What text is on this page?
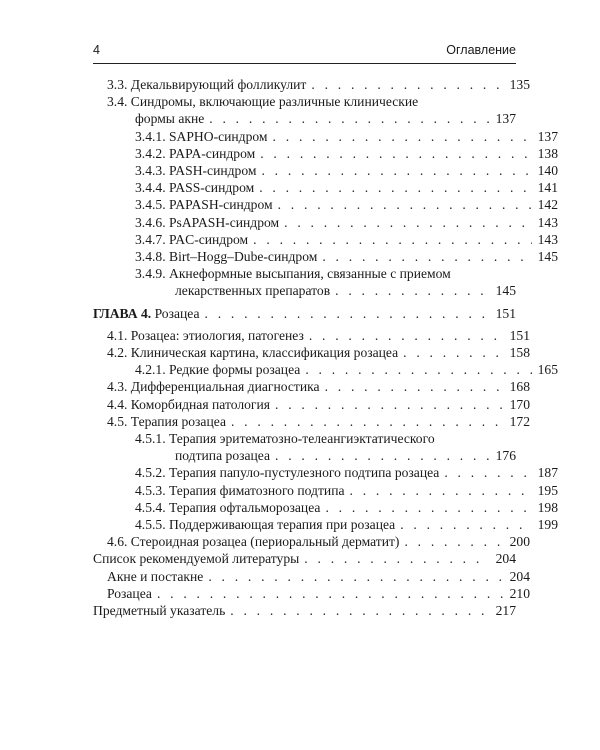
4	Оглавление
3.3. Декальвирующий фолликулит . . .	135
3.4. Синдромы, включающие различные клинические
формы акне . . .	137
3.4.1. SAPHO-синдром . . .	137
3.4.2. PAPA-синдром . . .	138
3.4.3. PASH-синдром . . .	140
3.4.4. PASS-синдром . . .	141
3.4.5. PAPASH-синдром . . .	142
3.4.6. PsAPASH-синдром . . .	143
3.4.7. PAC-синдром . . .	143
3.4.8. Birt–Hogg–Dube-синдром . . .	145
3.4.9. Акнеформные высыпания, связанные с приемом
лекарственных препаратов . . .	145
ГЛАВА 4. Розацеа . . .	151
4.1. Розацеа: этиология, патогенез . . .	151
4.2. Клиническая картина, классификация розацеа . . .	158
4.2.1. Редкие формы розацеа . . .	165
4.3. Дифференциальная диагностика . . .	168
4.4. Коморбидная патология . . .	170
4.5. Терапия розацеа . . .	172
4.5.1. Терапия эритематозно-телеангиэктатического
подтипа розацеа . . .	176
4.5.2. Терапия папуло-пустулезного подтипа розацеа . . .	187
4.5.3. Терапия фиматозного подтипа . . .	195
4.5.4. Терапия офтальморозацеа . . .	198
4.5.5. Поддерживающая терапия при розацеа . . .	199
4.6. Стероидная розацеа (периоральный дерматит) . . .	200
Список рекомендуемой литературы . . .	204
Акне и постакне . . .	204
Розацеа . . .	210
Предметный указатель . . .	217
